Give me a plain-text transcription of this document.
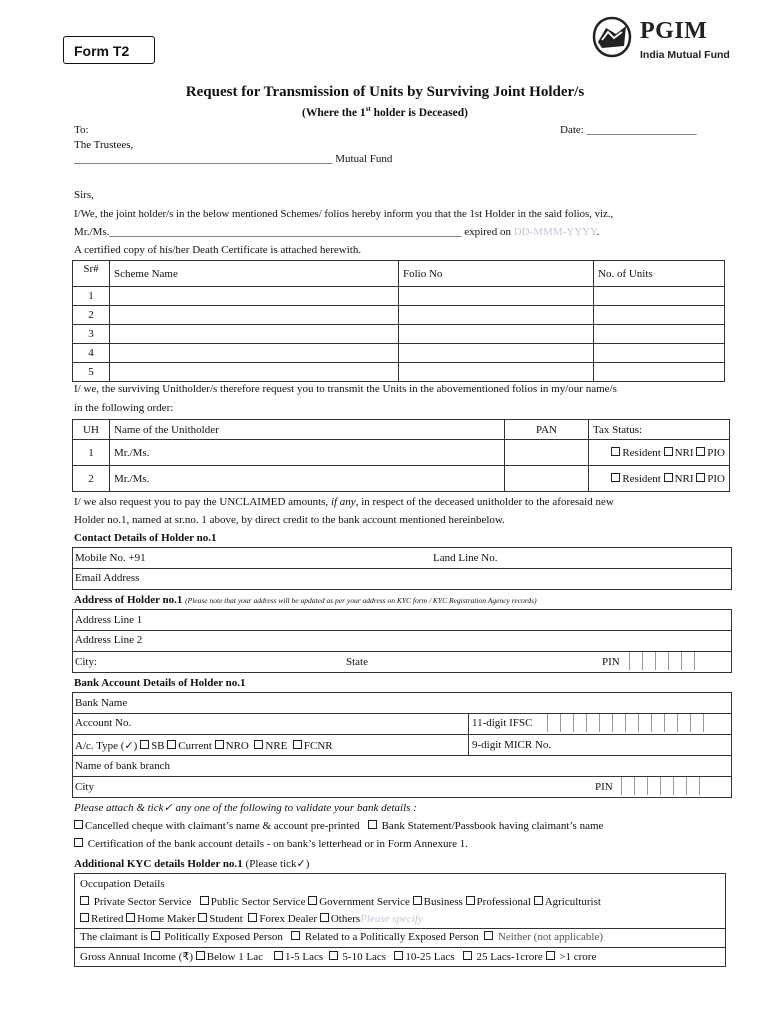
Form T2
PGIM
India Mutual Fund
Request for Transmission of Units by Surviving Joint Holder/s
(Where the 1st holder is Deceased)
To:	Date: ____________________
The Trustees,
_______________________________________________ Mutual Fund
Sirs,
I/We, the joint holder/s in the below mentioned Schemes/ folios hereby inform you that the 1st Holder in the said folios, viz.,
Mr./Ms.________________________________________________________________ expired on DD-MMM-YYYY.
A certified copy of his/her Death Certificate is attached herewith.
Sr#	Scheme Name	Folio No	No. of Units
1			
2			
3			
4			
5			
I/ we, the surviving Unitholder/s therefore request you to transmit the Units in the abovementioned folios in my/our name/s
in the following order:
UH	Name of the Unitholder	PAN	Tax Status:
1	Mr./Ms.		Resident NRI PIO
2	Mr./Ms.		Resident NRI PIO
I/ we also request you to pay the UNCLAIMED amounts, if any, in respect of the deceased unitholder to the aforesaid new
Holder no.1, named at sr.no. 1 above, by direct credit to the bank account mentioned hereinbelow.
Contact Details of Holder no.1
Mobile No. +91	Land Line No.
Email Address
Address of Holder no.1 (Please note that your address will be updated as per your address on KYC form / KYC Registration Agency records)
Address Line 1
Address Line 2
City:	State	PIN
Bank Account Details of Holder no.1
Bank Name
Account No.	11-digit IFSC
A/c. Type (✓) SB Current NRO  NRE  FCNR	9-digit MICR No.
Name of bank branch
City	PIN
Please attach & tick✓ any one of the following to validate your bank details :
Cancelled cheque with claimant’s name & account pre-printed Bank Statement/Passbook having claimant’s name
Certification of the bank account details - on bank’s letterhead or in Form Annexure 1.
Additional KYC details Holder no.1 (Please tick✓)
Occupation Details
Private Sector Service Public Sector Service Government Service Business Professional Agriculturist
Retired Home Maker Student Forex Dealer OthersPlease specify
The claimant is Politically Exposed Person Related to a Politically Exposed Person Neither (not applicable)
Gross Annual Income (₹) Below 1 Lac 1-5 Lacs 5-10 Lacs 10-25 Lacs 25 Lacs-1crore >1 crore
